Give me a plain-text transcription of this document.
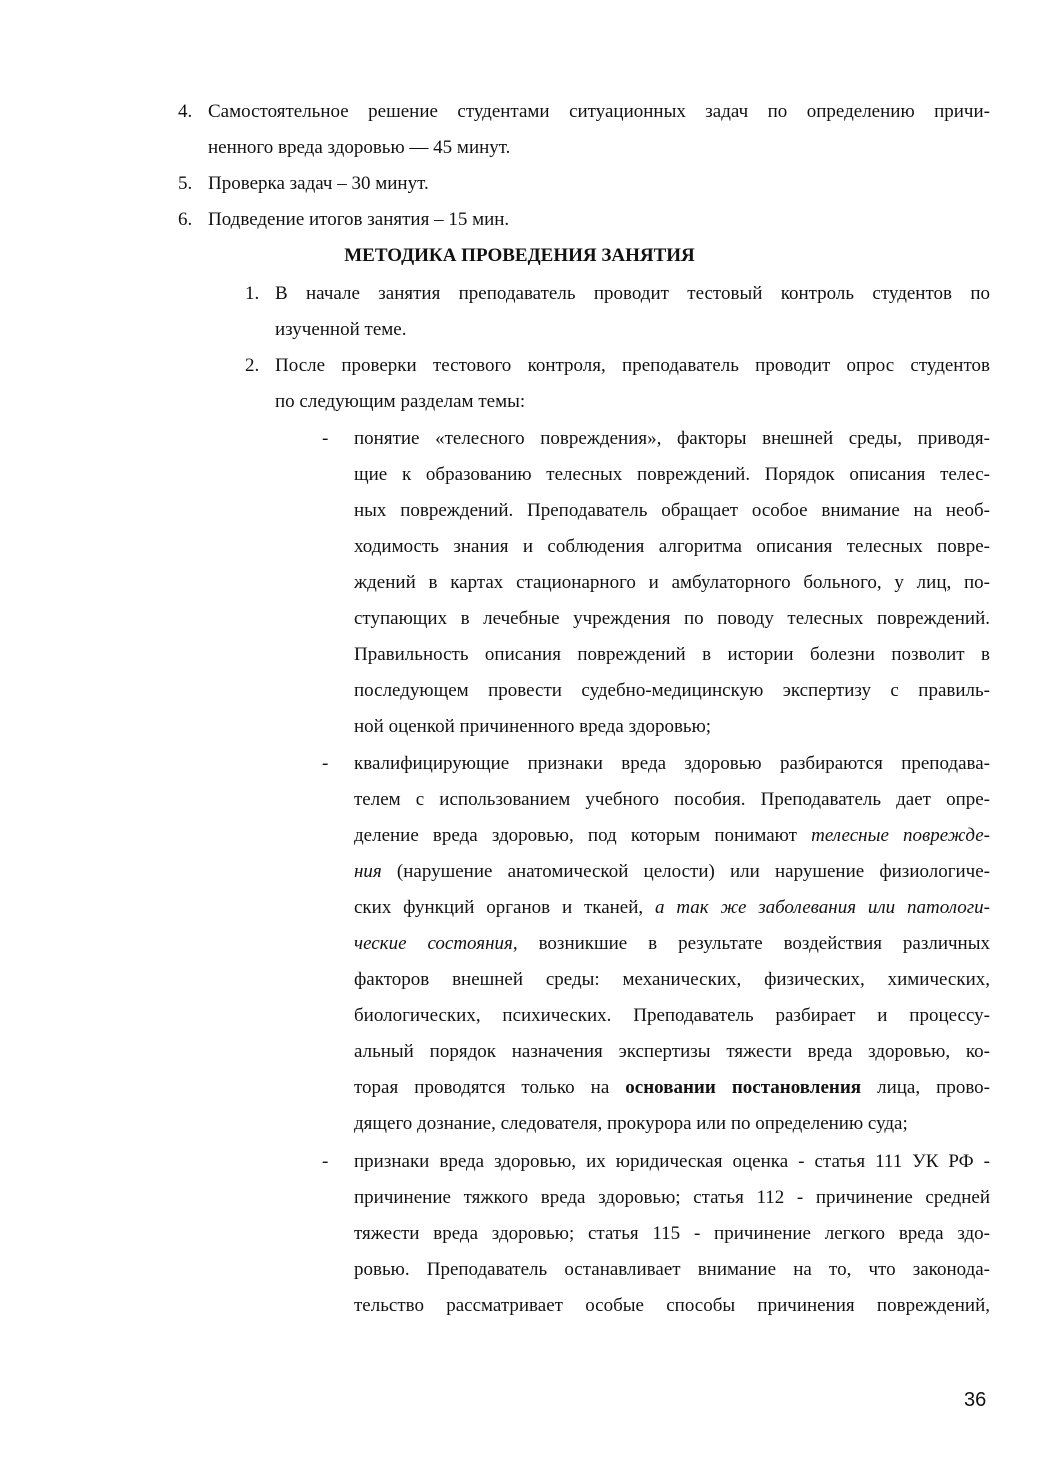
4. Самостоятельное решение студентами ситуационных задач по определению причи-
ненного вреда здоровью — 45 минут.
5. Проверка задач – 30 минут.
6. Подведение итогов занятия – 15 мин.
МЕТОДИКА ПРОВЕДЕНИЯ ЗАНЯТИЯ
1. В начале занятия преподаватель проводит тестовый контроль студентов по
изученной теме.
2. После проверки тестового контроля, преподаватель проводит опрос студентов
по следующим разделам темы:
- понятие «телесного повреждения», факторы внешней среды, приводя-
щие к образованию телесных повреждений. Порядок описания телес-
ных повреждений. Преподаватель обращает особое внимание на необ-
ходимость знания и соблюдения алгоритма описания телесных повре-
ждений в картах стационарного и амбулаторного больного, у лиц, по-
ступающих в лечебные учреждения по поводу телесных повреждений.
Правильность описания повреждений в истории болезни позволит в
последующем провести судебно-медицинскую экспертизу с правиль-
ной оценкой причиненного вреда здоровью;
- квалифицирующие признаки вреда здоровью разбираются преподава-
телем с использованием учебного пособия. Преподаватель дает опре-
деление вреда здоровью, под которым понимают телесные поврежде-
ния (нарушение анатомической целости) или нарушение физиологиче-
ских функций органов и тканей, а так же заболевания или патологи-
ческие состояния, возникшие в результате воздействия различных
факторов внешней среды: механических, физических, химических,
биологических, психических. Преподаватель разбирает и процессу-
альный порядок назначения экспертизы тяжести вреда здоровью, ко-
торая проводятся только на основании постановления лица, прово-
дящего дознание, следователя, прокурора или по определению суда;
- признаки вреда здоровью, их юридическая оценка - статья 111 УК РФ -
причинение тяжкого вреда здоровью; статья 112 - причинение средней
тяжести вреда здоровью; статья 115 - причинение легкого вреда здо-
ровью. Преподаватель останавливает внимание на то, что законода-
тельство рассматривает особые способы причинения повреждений,
36
